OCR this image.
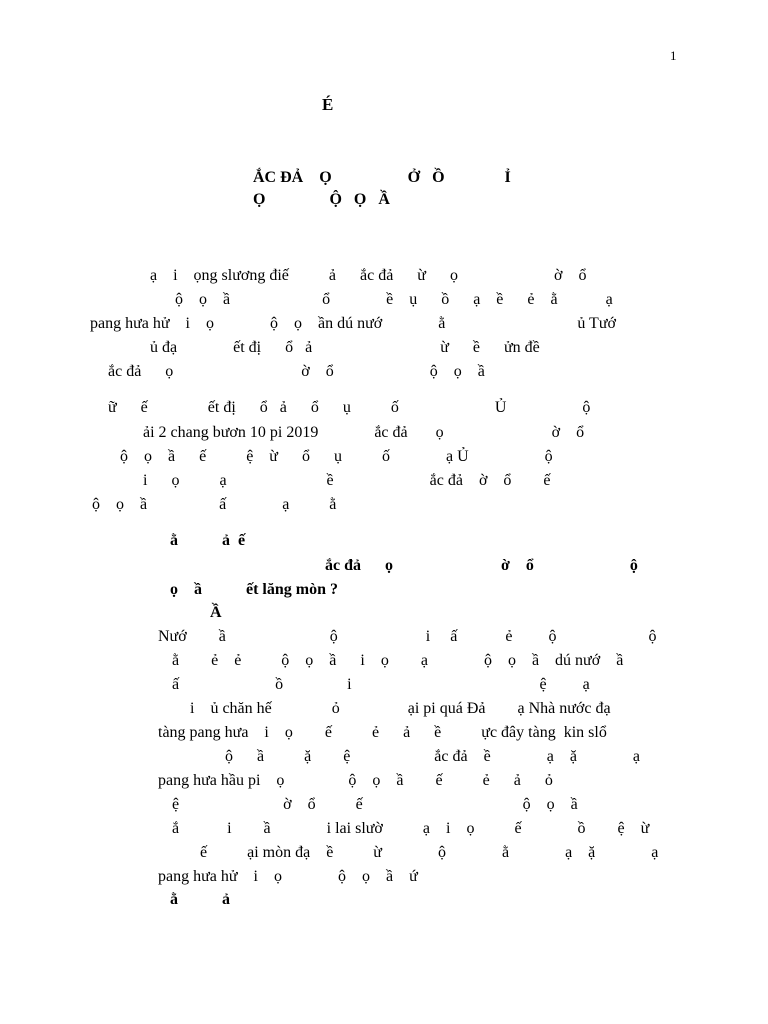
1
É
ẮC ĐẢ    Ọ                   Ở   Ồ               Ỉ
Ọ                Ộ   Ọ   Ầ
ạ    i    ọng slương điế          ả      ắc đả      ừ      ọ                        ờ    ổ
ộ    ọ    ầ                       ổ              ề    ụ      ồ      ạ    ề      ẻ    ằ            ạ
pang hưa hử    i    ọ              ộ    ọ    ần dú nướ              ằ                                 ủ Tướ
ủ đạ              ết đị      ổ   ả                                ừ      ề      ửn đề
ắc đả      ọ                                ờ    ổ                        ộ    ọ    ầ
ữ      ế               ết đị      ổ   ả      ổ      ụ          ố                        Ủ                   ộ
ải 2 chang bươn 10 pi 2019              ắc đả       ọ                           ờ    ổ
ộ    ọ    ầ      ế          ệ    ừ      ổ      ụ          ố              ạ Ủ                   ộ
i      ọ          ạ                         ề                        ắc đả    ờ    ổ        ế
ộ    ọ    ầ                  ấ              ạ          ằ
ằ           ả  ế
ắc đả      ọ                           ờ    ổ                        ộ
ọ    ầ           ết lăng mòn ?
Ầ
Nướ        ầ                          ộ                      i     ấ            ẻ         ộ                       ộ
ằ        ẻ    ẻ          ộ    ọ    ầ      i    ọ        ạ              ộ    ọ    ầ    dú nướ    ầ
ấ                        ồ                i                                               ệ         ạ
i    ủ chăn hế               ỏ                 ại pi quá Đả        ạ Nhà nước đạ
tàng pang hưa    i    ọ        ế          ẻ      ả      ề          ực đây tàng  kin slổ
ộ      ầ          ặ        ệ                     ắc đả    ề              ạ    ặ              ạ
pang hưa hầu pi    ọ                ộ    ọ    ầ        ế          ẻ      ả      ỏ
ệ                          ờ    ổ          ế                                        ộ    ọ    ầ
ắ            i        ầ              i lai slườ          ạ    i    ọ          ế              ồ        ệ    ừ
ế          ại mòn đạ    ề          ừ              ộ              ằ              ạ    ặ              ạ
pang hưa hử    i    ọ              ộ    ọ    ầ    ứ
ằ           ả
